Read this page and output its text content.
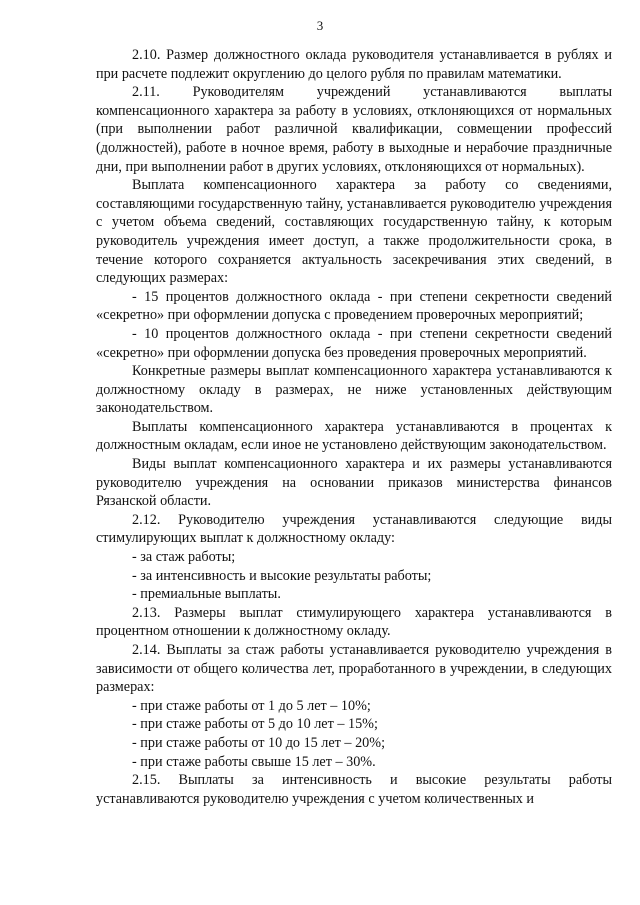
3

2.10. Размер должностного оклада руководителя устанавливается в рублях и при расчете подлежит округлению до целого рубля по правилам математики.

2.11. Руководителям учреждений устанавливаются выплаты компенсационного характера за работу в условиях, отклоняющихся от нормальных (при выполнении работ различной квалификации, совмещении профессий (должностей), работе в ночное время, работу в выходные и нерабочие праздничные дни, при выполнении работ в других условиях, отклоняющихся от нормальных).

Выплата компенсационного характера за работу со сведениями, составляющими государственную тайну, устанавливается руководителю учреждения с учетом объема сведений, составляющих государственную тайну, к которым руководитель учреждения имеет доступ, а также продолжительности срока, в течение которого сохраняется актуальность засекречивания этих сведений, в следующих размерах:

- 15 процентов должностного оклада - при степени секретности сведений «секретно» при оформлении допуска с проведением проверочных мероприятий;

- 10 процентов должностного оклада - при степени секретности сведений «секретно» при оформлении допуска без проведения проверочных мероприятий.

Конкретные размеры выплат компенсационного характера устанавливаются к должностному окладу в размерах, не ниже установленных действующим законодательством.

Выплаты компенсационного характера устанавливаются в процентах к должностным окладам, если иное не установлено действующим законодательством.

Виды выплат компенсационного характера и их размеры устанавливаются руководителю учреждения на основании приказов министерства финансов Рязанской области.

2.12. Руководителю учреждения устанавливаются следующие виды стимулирующих выплат к должностному окладу:

- за стаж работы;

- за интенсивность и высокие результаты работы;

- премиальные выплаты.

2.13. Размеры выплат стимулирующего характера устанавливаются в процентном отношении к должностному окладу.

2.14. Выплаты за стаж работы устанавливается руководителю учреждения в зависимости от общего количества лет, проработанного в учреждении, в следующих размерах:

- при стаже работы от 1 до 5 лет – 10%;

- при стаже работы от 5 до 10 лет – 15%;

- при стаже работы от 10 до 15 лет – 20%;

- при стаже работы свыше 15 лет – 30%.

2.15. Выплаты за интенсивность и высокие результаты работы устанавливаются руководителю учреждения с учетом количественных и
